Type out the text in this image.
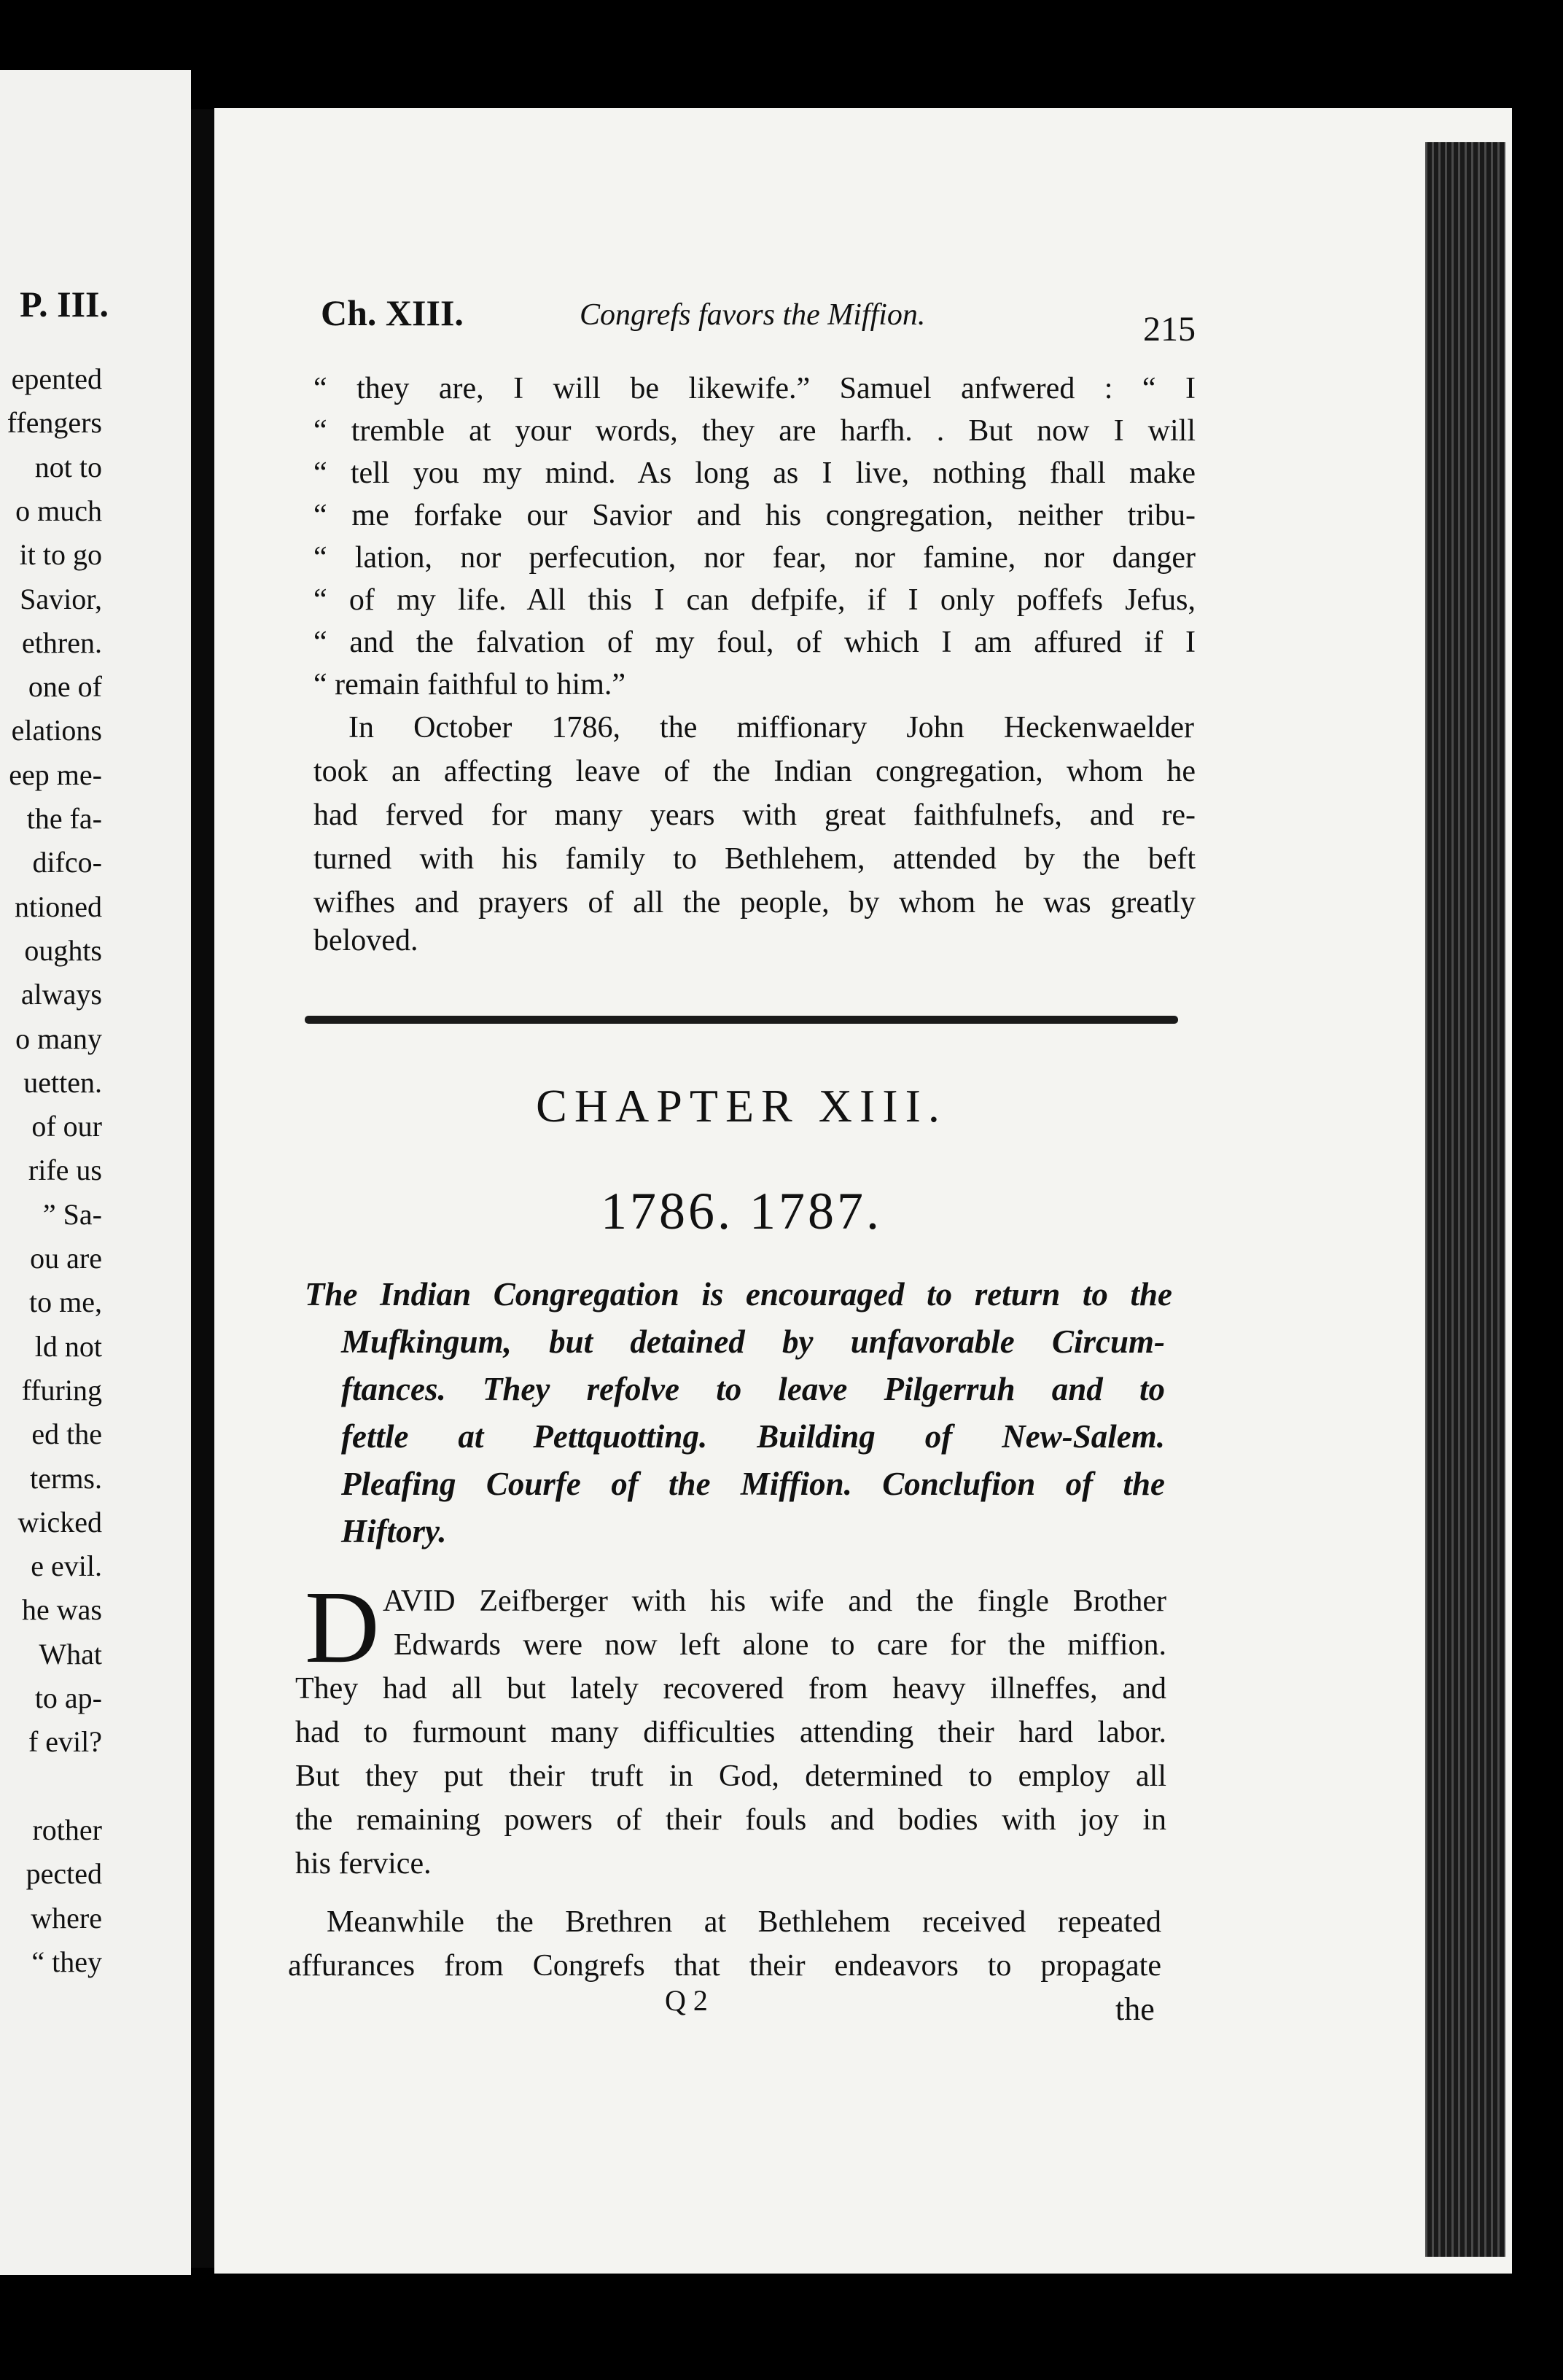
P. III.
epented
ffengers
not to
o much
it to go
Savior,
ethren.
one of
elations
eep me-
the fa-
difco-
ntioned
oughts
always
o many
uetten.
of our
rife us
” Sa-
ou are
to me,
ld not
ffuring
ed the
terms.
wicked
e evil.
he was
What
to ap-
f evil?
rother
pected
where
“ they
Ch. XIII.	Congrefs favors the Miffion.	215
“ they are, I will be likewife.” Samuel anfwered : “ I
“ tremble at your words, they are harfh. . But now I will
“ tell you my mind. As long as I live, nothing fhall make
“ me forfake our Savior and his congregation, neither tribu-
“ lation, nor perfecution, nor fear, nor famine, nor danger
“ of my life. All this I can defpife, if I only poffefs Jefus,
“ and the falvation of my foul, of which I am affured if I
“ remain faithful to him.”
In October 1786, the miffionary John Heckenwaelder
took an affecting leave of the Indian congregation, whom he
had ferved for many years with great faithfulnefs, and re-
turned with his family to Bethlehem, attended by the beft
wifhes and prayers of all the people, by whom he was greatly
beloved.
CHAPTER XIII.
1786. 1787.
The Indian Congregation is encouraged to return to the
Mufkingum, but detained by unfavorable Circum-
ftances. They refolve to leave Pilgerruh and to
fettle at Pettquotting. Building of New-Salem.
Pleafing Courfe of the Miffion. Conclufion of the
Hiftory.
D AVID Zeifberger with his wife and the fingle Brother
Edwards were now left alone to care for the miffion.
They had all but lately recovered from heavy illneffes, and
had to furmount many difficulties attending their hard labor.
But they put their truft in God, determined to employ all
the remaining powers of their fouls and bodies with joy in
his fervice.
Meanwhile the Brethren at Bethlehem received repeated
affurances from Congrefs that their endeavors to propagate
Q 2	the
